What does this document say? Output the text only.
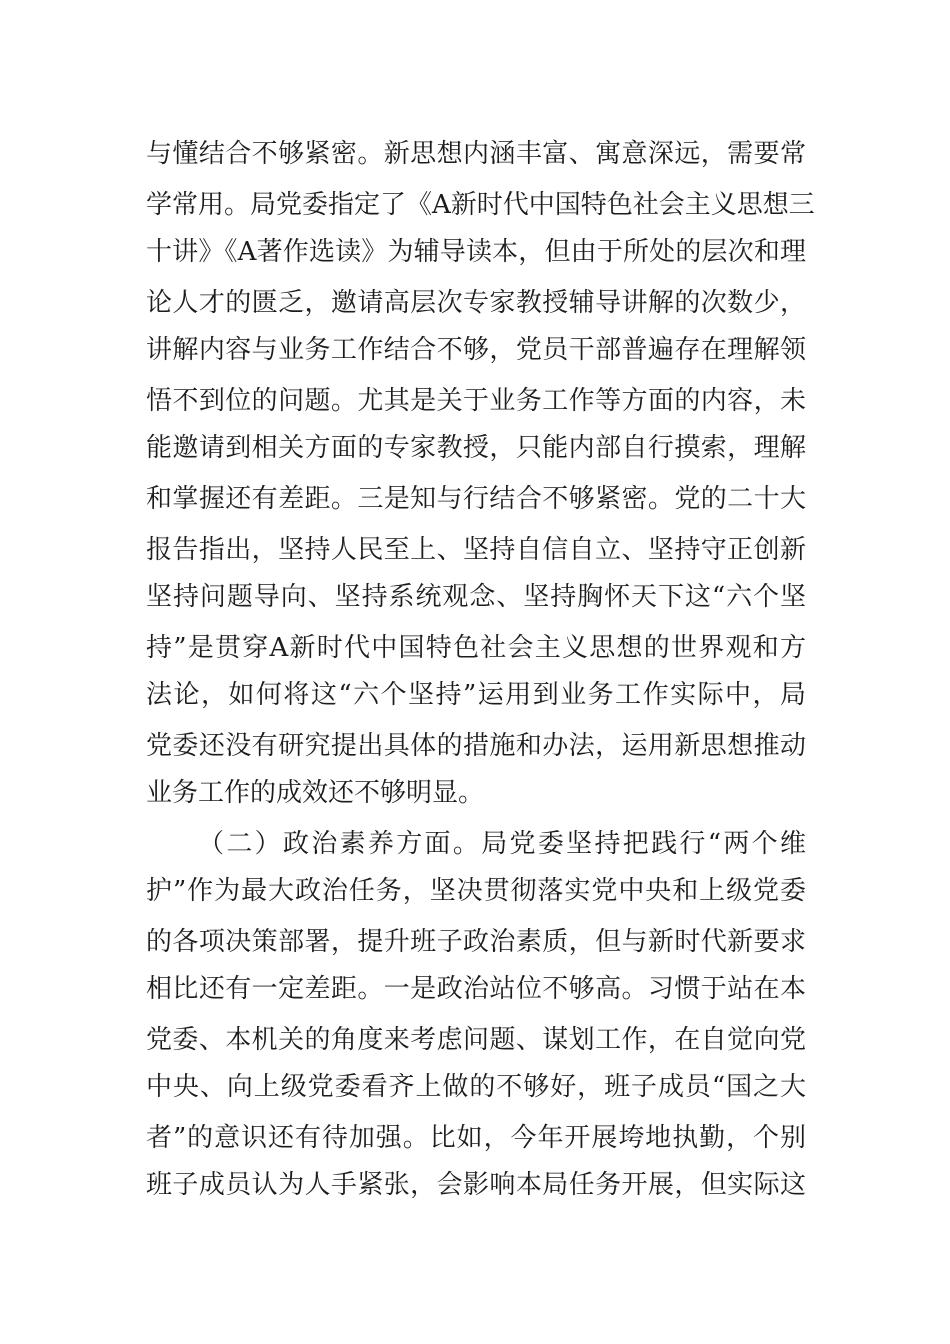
与懂结合不够紧密。新思想内涵丰富、寓意深远，需要常
学常用。局党委指定了《A新时代中国特色社会主义思想三
十讲》《A著作选读》为辅导读本，但由于所处的层次和理
论人才的匮乏，邀请高层次专家教授辅导讲解的次数少，
讲解内容与业务工作结合不够，党员干部普遍存在理解领
悟不到位的问题。尤其是关于业务工作等方面的内容，未
能邀请到相关方面的专家教授，只能内部自行摸索，理解
和掌握还有差距。三是知与行结合不够紧密。党的二十大
报告指出，坚持人民至上、坚持自信自立、坚持守正创新
坚持问题导向、坚持系统观念、坚持胸怀天下这“六个坚
持”是贯穿A新时代中国特色社会主义思想的世界观和方
法论，如何将这“六个坚持”运用到业务工作实际中，局
党委还没有研究提出具体的措施和办法，运用新思想推动
业务工作的成效还不够明显。
（二）政治素养方面。局党委坚持把践行“两个维
护”作为最大政治任务，坚决贯彻落实党中央和上级党委
的各项决策部署，提升班子政治素质，但与新时代新要求
相比还有一定差距。一是政治站位不够高。习惯于站在本
党委、本机关的角度来考虑问题、谋划工作，在自觉向党
中央、向上级党委看齐上做的不够好，班子成员“国之大
者”的意识还有待加强。比如，今年开展垮地执勤，个别
班子成员认为人手紧张，会影响本局任务开展，但实际这
